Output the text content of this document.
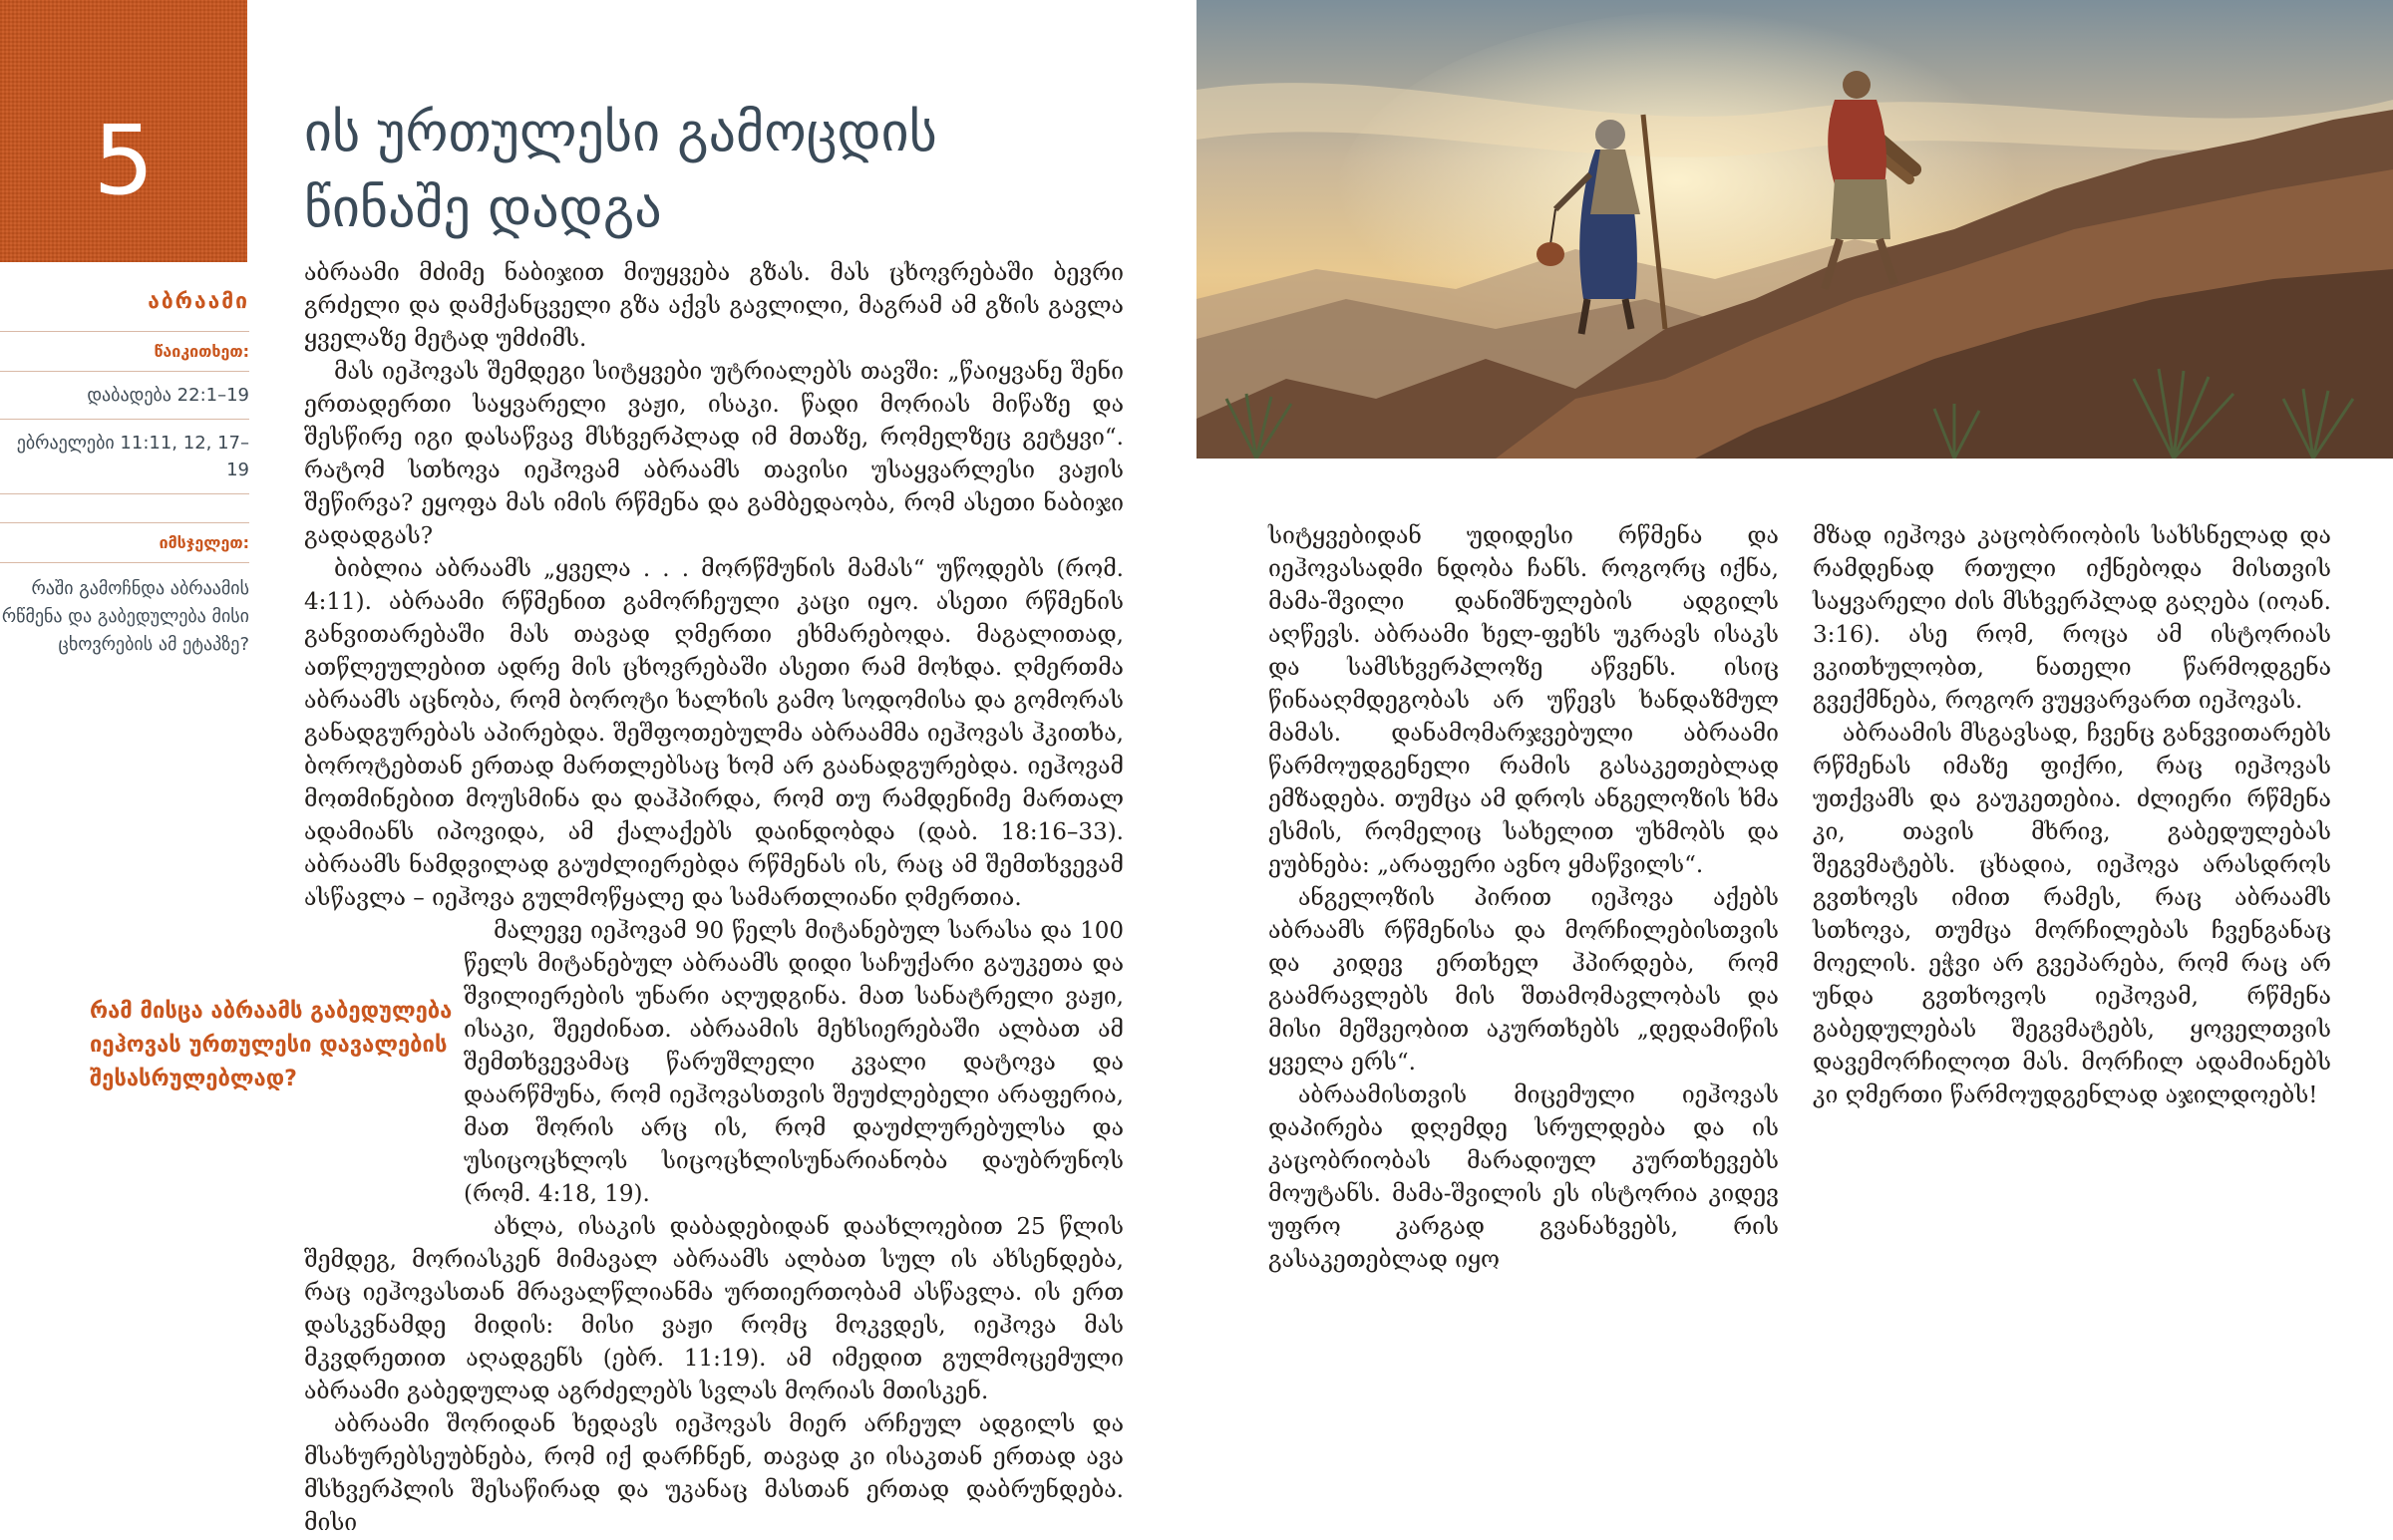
5	ის ურთულესი გამოცდის
წინაშე დადგა
აბრაამი
წაიკითხეთ:
დაბადება 22:1–19
ებრაელები 11:11, 12, 17–19
იმსჯელეთ:
რაში გამოჩნდა აბრაამის რწმენა და გაბედულება მისი ცხოვრების ამ ეტაპზე?

რამ მისცა აბრაამს გაბედულება იეჰოვას ურთულესი დავალების შესასრულებლად?

აბრაამი მძიმე ნაბიჯით მიუყვება გზას. მას ცხოვრებაში ბევრი გრძელი და დამქანცველი გზა აქვს გავლილი, მაგრამ ამ გზის გავლა ყველაზე მეტად უმძიმს.

მას იეჰოვას შემდეგი სიტყვები უტრიალებს თავში: „წაიყვანე შენი ერთადერთი საყვარელი ვაჟი, ისაკი. წადი მორიას მიწაზე და შესწირე იგი დასაწვავ მსხვერპლად იმ მთაზე, რომელზეც გეტყვი“. რატომ სთხოვა იეჰოვამ აბრაამს თავისი უსაყვარლესი ვაჟის შეწირვა? ეყოფა მას იმის რწმენა და გამბედაობა, რომ ასეთი ნაბიჯი გადადგას?

ბიბლია აბრაამს „ყველა . . . მორწმუნის მამას“ უწოდებს (რომ. 4:11). აბრაამი რწმენით გამორჩეული კაცი იყო. ასეთი რწმენის განვითარებაში მას თავად ღმერთი ეხმარებოდა. მაგალითად, ათწლეულებით ადრე მის ცხოვრებაში ასეთი რამ მოხდა. ღმერთმა აბრაამს აცნობა, რომ ბოროტი ხალხის გამო სოდომისა და გომორას განადგურებას აპირებდა. შეშფოთებულმა აბრაამმა იეჰოვას ჰკითხა, ბოროტებთან ერთად მართლებსაც ხომ არ გაანადგურებდა. იეჰოვამ მოთმინებით მოუსმინა და დაჰპირდა, რომ თუ რამდენიმე მართალ ადამიანს იპოვიდა, ამ ქალაქებს დაინდობდა (დაბ. 18:16–33). აბრაამს ნამდვილად გაუძლიერებდა რწმენას ის, რაც ამ შემთხვევამ ასწავლა – იეჰოვა გულმოწყალე და სამართლიანი ღმერთია.

მალევე იეჰოვამ 90 წელს მიტანებულ სარასა და 100 წელს მიტანებულ აბრაამს დიდი საჩუქარი გაუკეთა და შვილიერების უნარი აღუდგინა. მათ სანატრელი ვაჟი, ისაკი, შეეძინათ. აბრაამის მეხსიერებაში ალბათ ამ შემთხვევამაც წარუშლელი კვალი დატოვა და დაარწმუნა, რომ იეჰოვასთვის შეუძლებელი არაფერია, მათ შორის არც ის, რომ დაუძლურებულსა და უსიცოცხლოს სიცოცხლისუნარიანობა დაუბრუნოს (რომ. 4:18, 19).

ახლა, ისაკის დაბადებიდან დაახლოებით 25 წლის შემდეგ, მორიასკენ მიმავალ აბრაამს ალბათ სულ ის ახსენდება, რაც იეჰოვასთან მრავალწლიანმა ურთიერთობამ ასწავლა. ის ერთ დასკვნამდე მიდის: მისი ვაჟი რომც მოკვდეს, იეჰოვა მას მკვდრეთით აღადგენს (ებრ. 11:19). ამ იმედით გულმოცემული აბრაამი გაბედულად აგრძელებს სვლას მორიას მთისკენ.

აბრაამი შორიდან ხედავს იეჰოვას მიერ არჩეულ ადგილს და მსახურებსეუბნება, რომ იქ დარჩნენ, თავად კი ისაკთან ერთად ავა მსხვერპლის შესაწირად და უკანაც მასთან ერთად დაბრუნდება. მისი

სიტყვებიდან უდიდესი რწმენა და იეჰოვასადმი ნდობა ჩანს. როგორც იქნა, მამა-შვილი დანიშნულების ადგილს აღწევს. აბრაამი ხელ-ფეხს უკრავს ისაკს და სამსხვერპლოზე აწვენს. ისიც წინააღმდეგობას არ უწევს ხანდაზმულ მამას. დანამომარჯვებული აბრაამი წარმოუდგენელი რამის გასაკეთებლად ემზადება. თუმცა ამ დროს ანგელოზის ხმა ესმის, რომელიც სახელით უხმობს და ეუბნება: „არაფერი ავნო ყმაწვილს“.

ანგელოზის პირით იეჰოვა აქებს აბრაამს რწმენისა და მორჩილებისთვის და კიდევ ერთხელ ჰპირდება, რომ გაამრავლებს მის შთამომავლობას და მისი მეშვეობით აკურთხებს „დედამიწის ყველა ერს“.

აბრაამისთვის მიცემული იეჰოვას დაპირება დღემდე სრულდება და ის კაცობრიობას მარადიულ კურთხევებს მოუტანს. მამა-შვილის ეს ისტორია კიდევ უფრო კარგად გვანახვებს, რის გასაკეთებლად იყო

მზად იეჰოვა კაცობრიობის სახსნელად და რამდენად რთული იქნებოდა მისთვის საყვარელი ძის მსხვერპლად გაღება (იოან. 3:16). ასე რომ, როცა ამ ისტორიას ვკითხულობთ, ნათელი წარმოდგენა გვექმნება, როგორ ვუყვარვართ იეჰოვას.

აბრაამის მსგავსად, ჩვენც განვვითარებს რწმენას იმაზე ფიქრი, რაც იეჰოვას უთქვამს და გაუკეთებია. ძლიერი რწმენა კი, თავის მხრივ, გაბედულებას შეგვმატებს. ცხადია, იეჰოვა არასდროს გვთხოვს იმით რამეს, რაც აბრაამს სთხოვა, თუმცა მორჩილებას ჩვენგანაც მოელის. ეჭვი არ გვეპარება, რომ რაც არ უნდა გვთხოვოს იეჰოვამ, რწმენა გაბედულებას შეგვმატებს, ყოველთვის დავემორჩილოთ მას. მორჩილ ადამიანებს კი ღმერთი წარმოუდგენლად აჯილდოებს!
